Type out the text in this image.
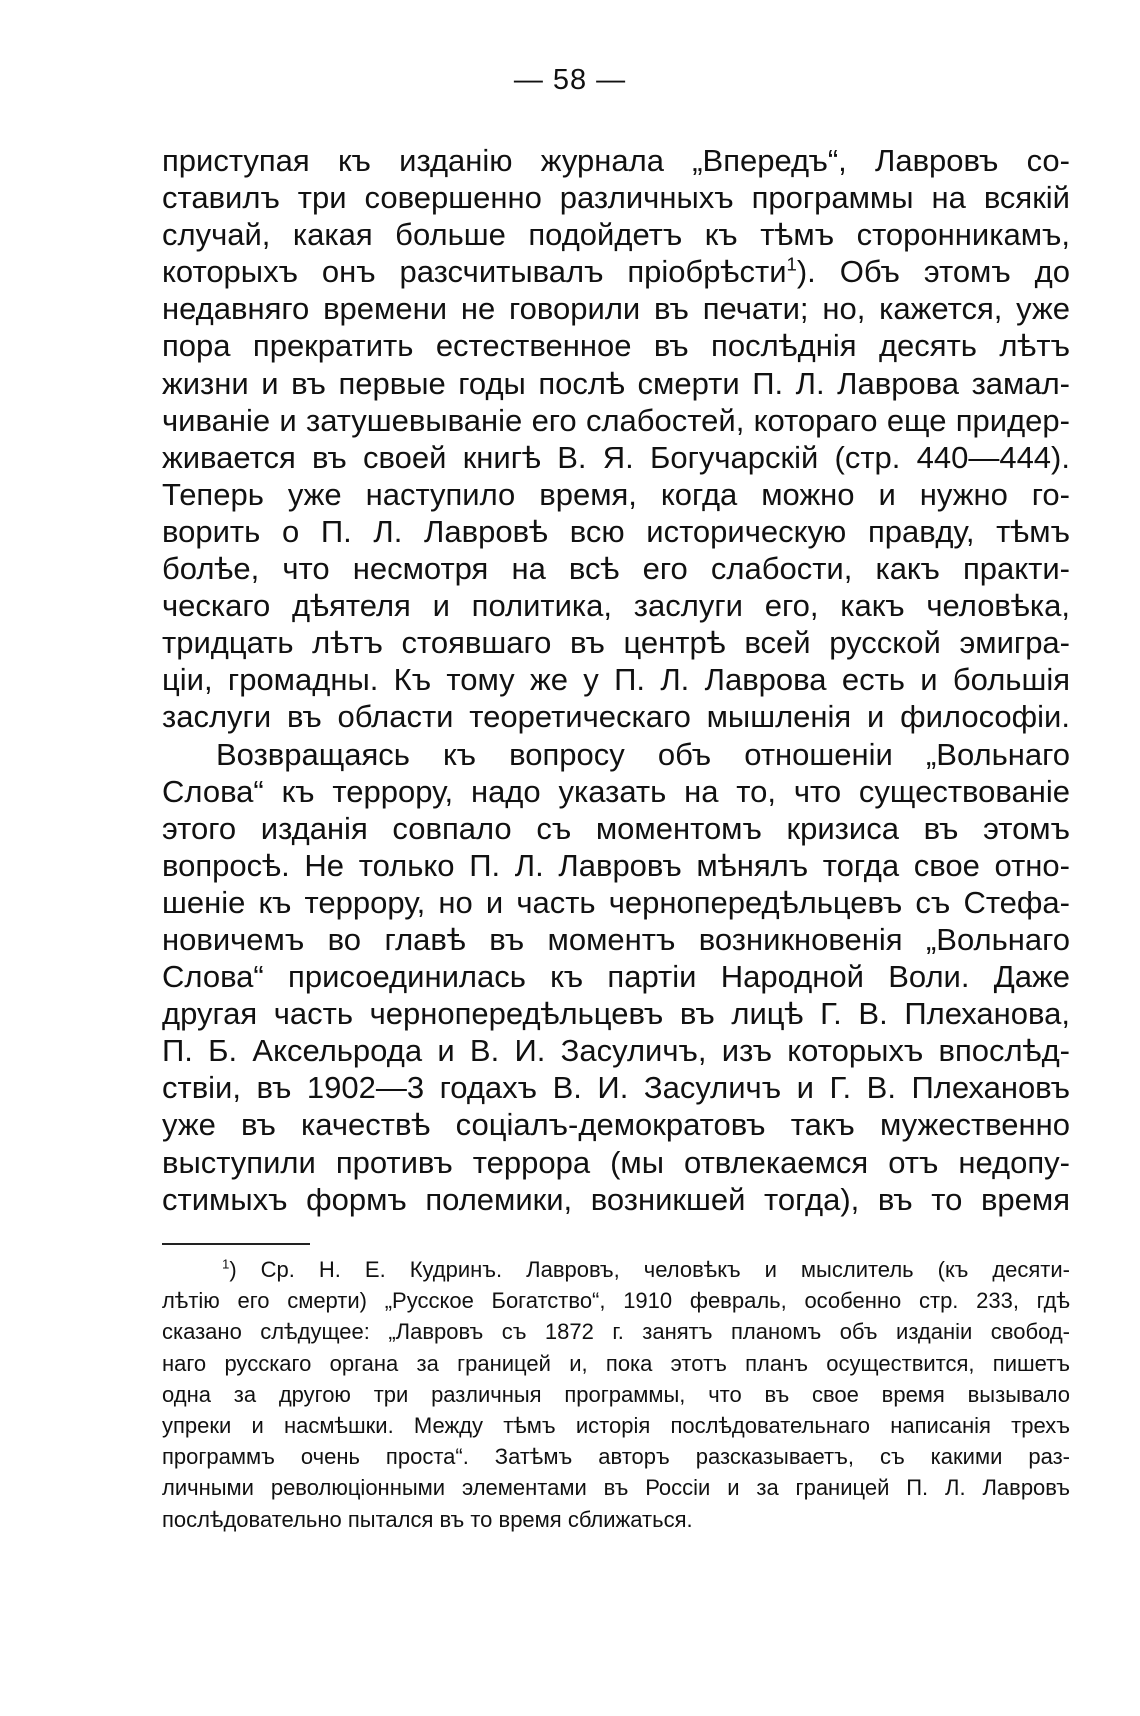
— 58 —

приступая къ изданію журнала „Впередъ“, Лавровъ со-
ставилъ три совершенно различныхъ программы на всякій
случай, какая больше подойдетъ къ тѣмъ сторонникамъ,
которыхъ онъ разсчитывалъ пріобрѣсти$^1$). Объ этомъ до
недавняго времени не говорили въ печати; но, кажется, уже
пора прекратить естественное въ послѣднія десять лѣтъ
жизни и въ первые годы послѣ смерти П. Л. Лаврова замал-
чиваніе и затушевываніе его слабостей, котораго еще придер-
живается въ своей книгѣ В. Я. Богучарскій (стр. 440—444).
Теперь уже наступило время, когда можно и нужно го-
ворить о П. Л. Лавровѣ всю историческую правду, тѣмъ
болѣе, что несмотря на всѣ его слабости, какъ практи-
ческаго дѣятеля и политика, заслуги его, какъ человѣка,
тридцать лѣтъ стоявшаго въ центрѣ всей русской эмигра-
ціи, громадны. Къ тому же у П. Л. Лаврова есть и большія
заслуги въ области теоретическаго мышленія и философіи.

Возвращаясь къ вопросу объ отношеніи „Вольнаго
Слова“ къ террору, надо указать на то, что существованіе
этого изданія совпало съ моментомъ кризиса въ этомъ
вопросѣ. Не только П. Л. Лавровъ мѣнялъ тогда свое отно-
шеніе къ террору, но и часть чернопередѣльцевъ съ Стефа-
новичемъ во главѣ въ моментъ возникновенія „Вольнаго
Слова“ присоединилась къ партіи Народной Воли. Даже
другая часть чернопередѣльцевъ въ лицѣ Г. В. Плеханова,
П. Б. Аксельрода и В. И. Засуличъ, изъ которыхъ впослѣд-
ствіи, въ 1902—3 годахъ В. И. Засуличъ и Г. В. Плехановъ
уже въ качествѣ соціалъ-демократовъ такъ мужественно
выступили противъ террора (мы отвлекаемся отъ недопу-
стимыхъ формъ полемики, возникшей тогда), въ то время

$^1$) Ср. Н. Е. Кудринъ. Лавровъ, человѣкъ и мыслитель (къ десяти-
лѣтію его смерти) „Русское Богатство“, 1910 февраль, особенно стр. 233, гдѣ
сказано слѣдущее: „Лавровъ съ 1872 г. занятъ планомъ объ изданіи свобод-
наго русскаго органа за границей и, пока этотъ планъ осуществится, пишетъ
одна за другою три различныя программы, что въ свое время вызывало
упреки и насмѣшки. Между тѣмъ исторія послѣдовательнаго написанія трехъ
программъ очень проста“. Затѣмъ авторъ разсказываетъ, съ какими раз-
личными революціонными элементами въ Россіи и за границей П. Л. Лавровъ
послѣдовательно пытался въ то время сближаться.
